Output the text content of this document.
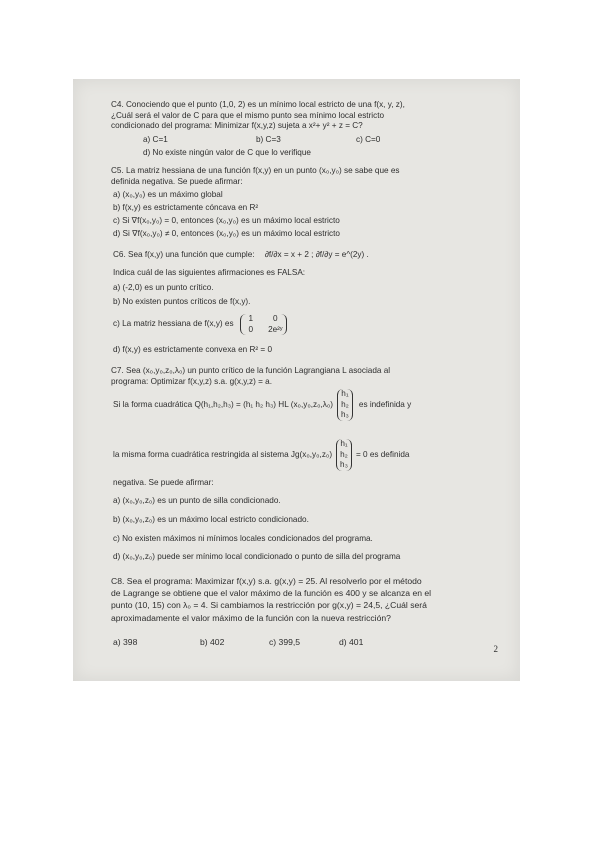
C4. Conociendo que el punto (1,0, 2) es un mínimo local estricto de una f(x, y, z),

¿Cuál será el valor de C para que el mismo punto sea mínimo local estricto

condicionado del programa: Minimizar f(x,y,z) sujeta a x²+ y² + z = C?

a) C=1	b) C=3	c) C=0
d) No existe ningún valor de C que lo verifique

C5. La matriz hessiana de una función f(x,y) en un punto (x₀,y₀) se sabe que es

definida negativa. Se puede afirmar:

a) (x₀,y₀) es un máximo global
b) f(x,y) es estrictamente cóncava en R²
c) Si ∇f(x₀,y₀) = 0, entonces (x₀,y₀) es un máximo local estricto
d) Si ∇f(x₀,y₀) ≠ 0, entonces (x₀,y₀) es un máximo local estricto
C6. Sea f(x,y) una función que cumple: ∂f/∂x = x + 2 ; ∂f/∂y = e^(2y) .
Indica cuál de las siguientes afirmaciones es FALSA:
a) (-2,0) es un punto crítico.
b) No existen puntos críticos de f(x,y).
c) La matriz hessiana de f(x,y) es
1	0
0	2e²ʸ
d) f(x,y) es estrictamente convexa en R² = 0

C7. Sea (x₀,y₀,z₀,λ₀) un punto crítico de la función Lagrangiana L asociada al

programa: Optimizar f(x,y,z) s.a. g(x,y,z) = a.

Si la forma cuadrática Q(h₁,h₂,h₃) = (h₁ h₂ h₃) HL (x₀,y₀,z₀,λ₀)
h₁
h₂
h₃
es indefinida y
la misma forma cuadrática restringida al sistema Jg(x₀,y₀,z₀)
h₁
h₂
h₃
= 0 es definida
negativa. Se puede afirmar:
a) (x₀,y₀,z₀) es un punto de silla condicionado.
b) (x₀,y₀,z₀) es un máximo local estricto condicionado.
c) No existen máximos ni mínimos locales condicionados del programa.
d) (x₀,y₀,z₀) puede ser mínimo local condicionado o punto de silla del programa

C8. Sea el programa: Maximizar f(x,y) s.a. g(x,y) = 25. Al resolverlo por el método

de Lagrange se obtiene que el valor máximo de la función es 400 y se alcanza en el

punto (10, 15) con λ₀ = 4. Si cambiamos la restricción por g(x,y) = 24,5, ¿Cuál será

aproximadamente el valor máximo de la función con la nueva restricción?

a) 398	b) 402	c) 399,5	d) 401
2
